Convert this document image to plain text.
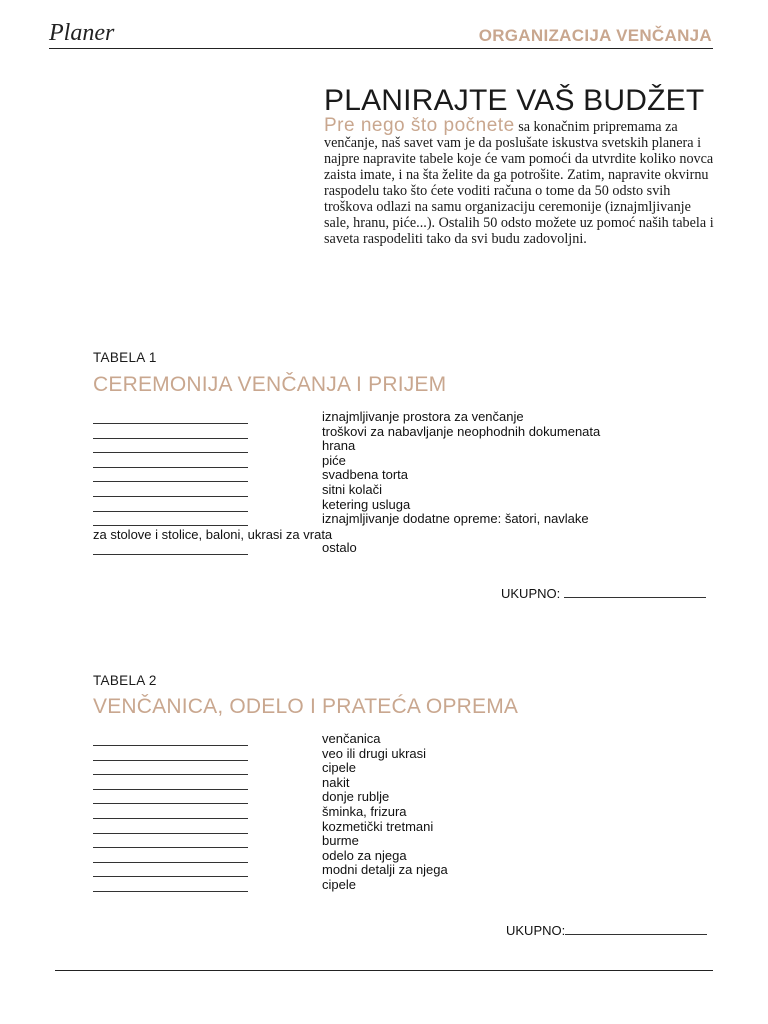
Planer	ORGANIZACIJA VENČANJA
PLANIRAJTE VAŠ BUDŽET
Pre nego što počnete sa konačnim pripremama za venčanje, naš savet vam je da poslušate iskustva svetskih planera i najpre napravite tabele koje će vam pomoći da utvrdite koliko novca zaista imate, i na šta želite da ga potrošite. Zatim, napravite okvirnu raspodelu tako što ćete voditi računa o tome da 50 odsto svih troškova odlazi na samu organizaciju ceremonije (iznajmljivanje sale, hranu, piće...). Ostalih 50 odsto možete uz pomoć naših tabela i saveta raspodeliti tako da svi budu zadovoljni.
TABELA 1
CEREMONIJA VENČANJA I PRIJEM
iznajmljivanje prostora za venčanje
troškovi za nabavljanje neophodnih dokumenata
hrana
piće
svadbena torta
sitni kolači
ketering usluga
iznajmljivanje dodatne opreme: šatori, navlake
za stolove i stolice, baloni, ukrasi za vrata
ostalo
UKUPNO:
TABELA 2
VENČANICA, ODELO I PRATEĆA OPREMA
venčanica
veo ili drugi ukrasi
cipele
nakit
donje rublje
šminka, frizura
kozmetički tretmani
burme
odelo za njega
modni detalji za njega
cipele
UKUPNO:
